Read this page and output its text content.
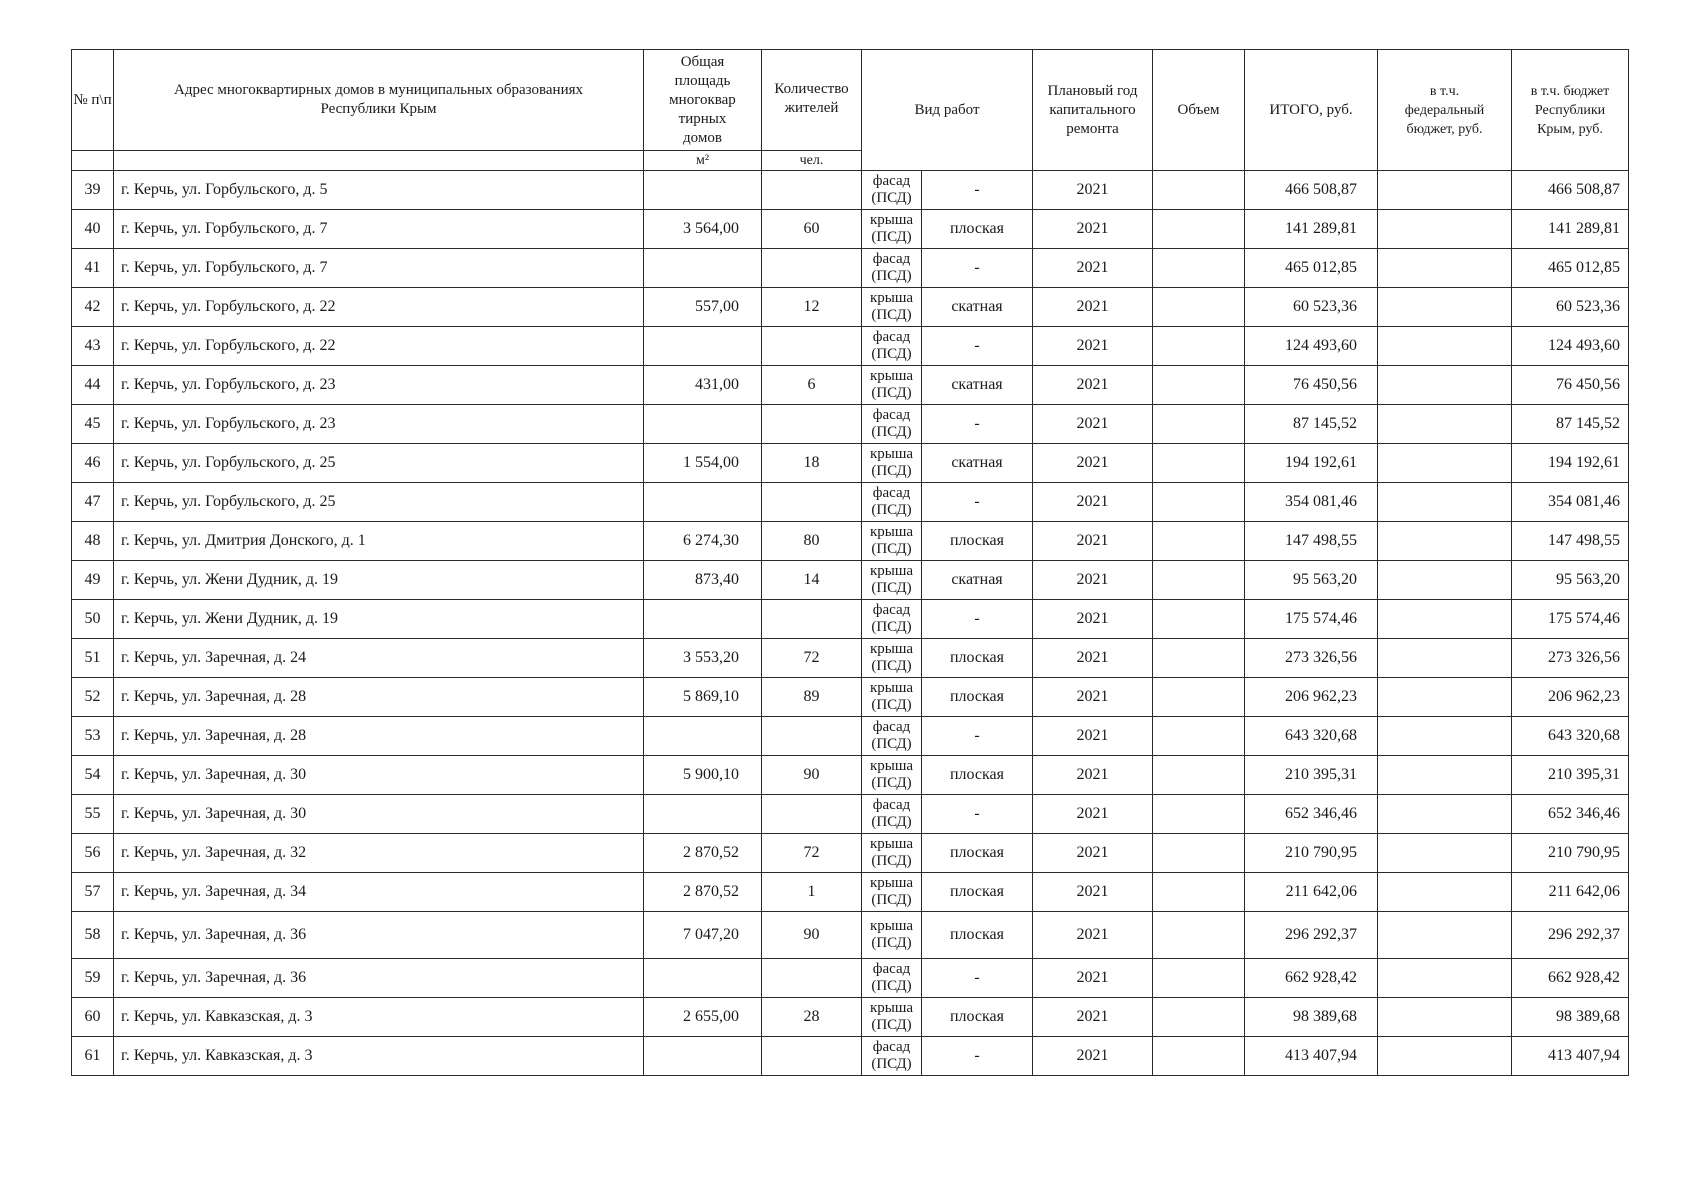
№ п\п	Адрес многоквартирных домов в муниципальных образованиях Республики Крым	Общая площадь многоквар тирных домов	Количество жителей	Вид работ		Плановый год капитального ремонта	Объем	ИТОГО, руб.	в т.ч. федеральный бюджет, руб.	в т.ч. бюджет Республики Крым, руб.
		м²	чел.							
39	г. Керчь, ул. Горбульского, д. 5			фасад (ПСД)	-	2021		466 508,87		466 508,87
40	г. Керчь, ул. Горбульского, д. 7	3 564,00	60	крыша (ПСД)	плоская	2021		141 289,81		141 289,81
41	г. Керчь, ул. Горбульского, д. 7			фасад (ПСД)	-	2021		465 012,85		465 012,85
42	г. Керчь, ул. Горбульского, д. 22	557,00	12	крыша (ПСД)	скатная	2021		60 523,36		60 523,36
43	г. Керчь, ул. Горбульского, д. 22			фасад (ПСД)	-	2021		124 493,60		124 493,60
44	г. Керчь, ул. Горбульского, д. 23	431,00	6	крыша (ПСД)	скатная	2021		76 450,56		76 450,56
45	г. Керчь, ул. Горбульского, д. 23			фасад (ПСД)	-	2021		87 145,52		87 145,52
46	г. Керчь, ул. Горбульского, д. 25	1 554,00	18	крыша (ПСД)	скатная	2021		194 192,61		194 192,61
47	г. Керчь, ул. Горбульского, д. 25			фасад (ПСД)	-	2021		354 081,46		354 081,46
48	г. Керчь, ул. Дмитрия Донского, д. 1	6 274,30	80	крыша (ПСД)	плоская	2021		147 498,55		147 498,55
49	г. Керчь, ул. Жени Дудник, д. 19	873,40	14	крыша (ПСД)	скатная	2021		95 563,20		95 563,20
50	г. Керчь, ул. Жени Дудник, д. 19			фасад (ПСД)	-	2021		175 574,46		175 574,46
51	г. Керчь, ул. Заречная, д. 24	3 553,20	72	крыша (ПСД)	плоская	2021		273 326,56		273 326,56
52	г. Керчь, ул. Заречная, д. 28	5 869,10	89	крыша (ПСД)	плоская	2021		206 962,23		206 962,23
53	г. Керчь, ул. Заречная, д. 28			фасад (ПСД)	-	2021		643 320,68		643 320,68
54	г. Керчь, ул. Заречная, д. 30	5 900,10	90	крыша (ПСД)	плоская	2021		210 395,31		210 395,31
55	г. Керчь, ул. Заречная, д. 30			фасад (ПСД)	-	2021		652 346,46		652 346,46
56	г. Керчь, ул. Заречная, д. 32	2 870,52	72	крыша (ПСД)	плоская	2021		210 790,95		210 790,95
57	г. Керчь, ул. Заречная, д. 34	2 870,52	1	крыша (ПСД)	плоская	2021		211 642,06		211 642,06
58	г. Керчь, ул. Заречная, д. 36	7 047,20	90	крыша (ПСД)	плоская	2021		296 292,37		296 292,37
59	г. Керчь, ул. Заречная, д. 36			фасад (ПСД)	-	2021		662 928,42		662 928,42
60	г. Керчь, ул. Кавказская, д. 3	2 655,00	28	крыша (ПСД)	плоская	2021		98 389,68		98 389,68
61	г. Керчь, ул. Кавказская, д. 3			фасад (ПСД)	-	2021		413 407,94		413 407,94
